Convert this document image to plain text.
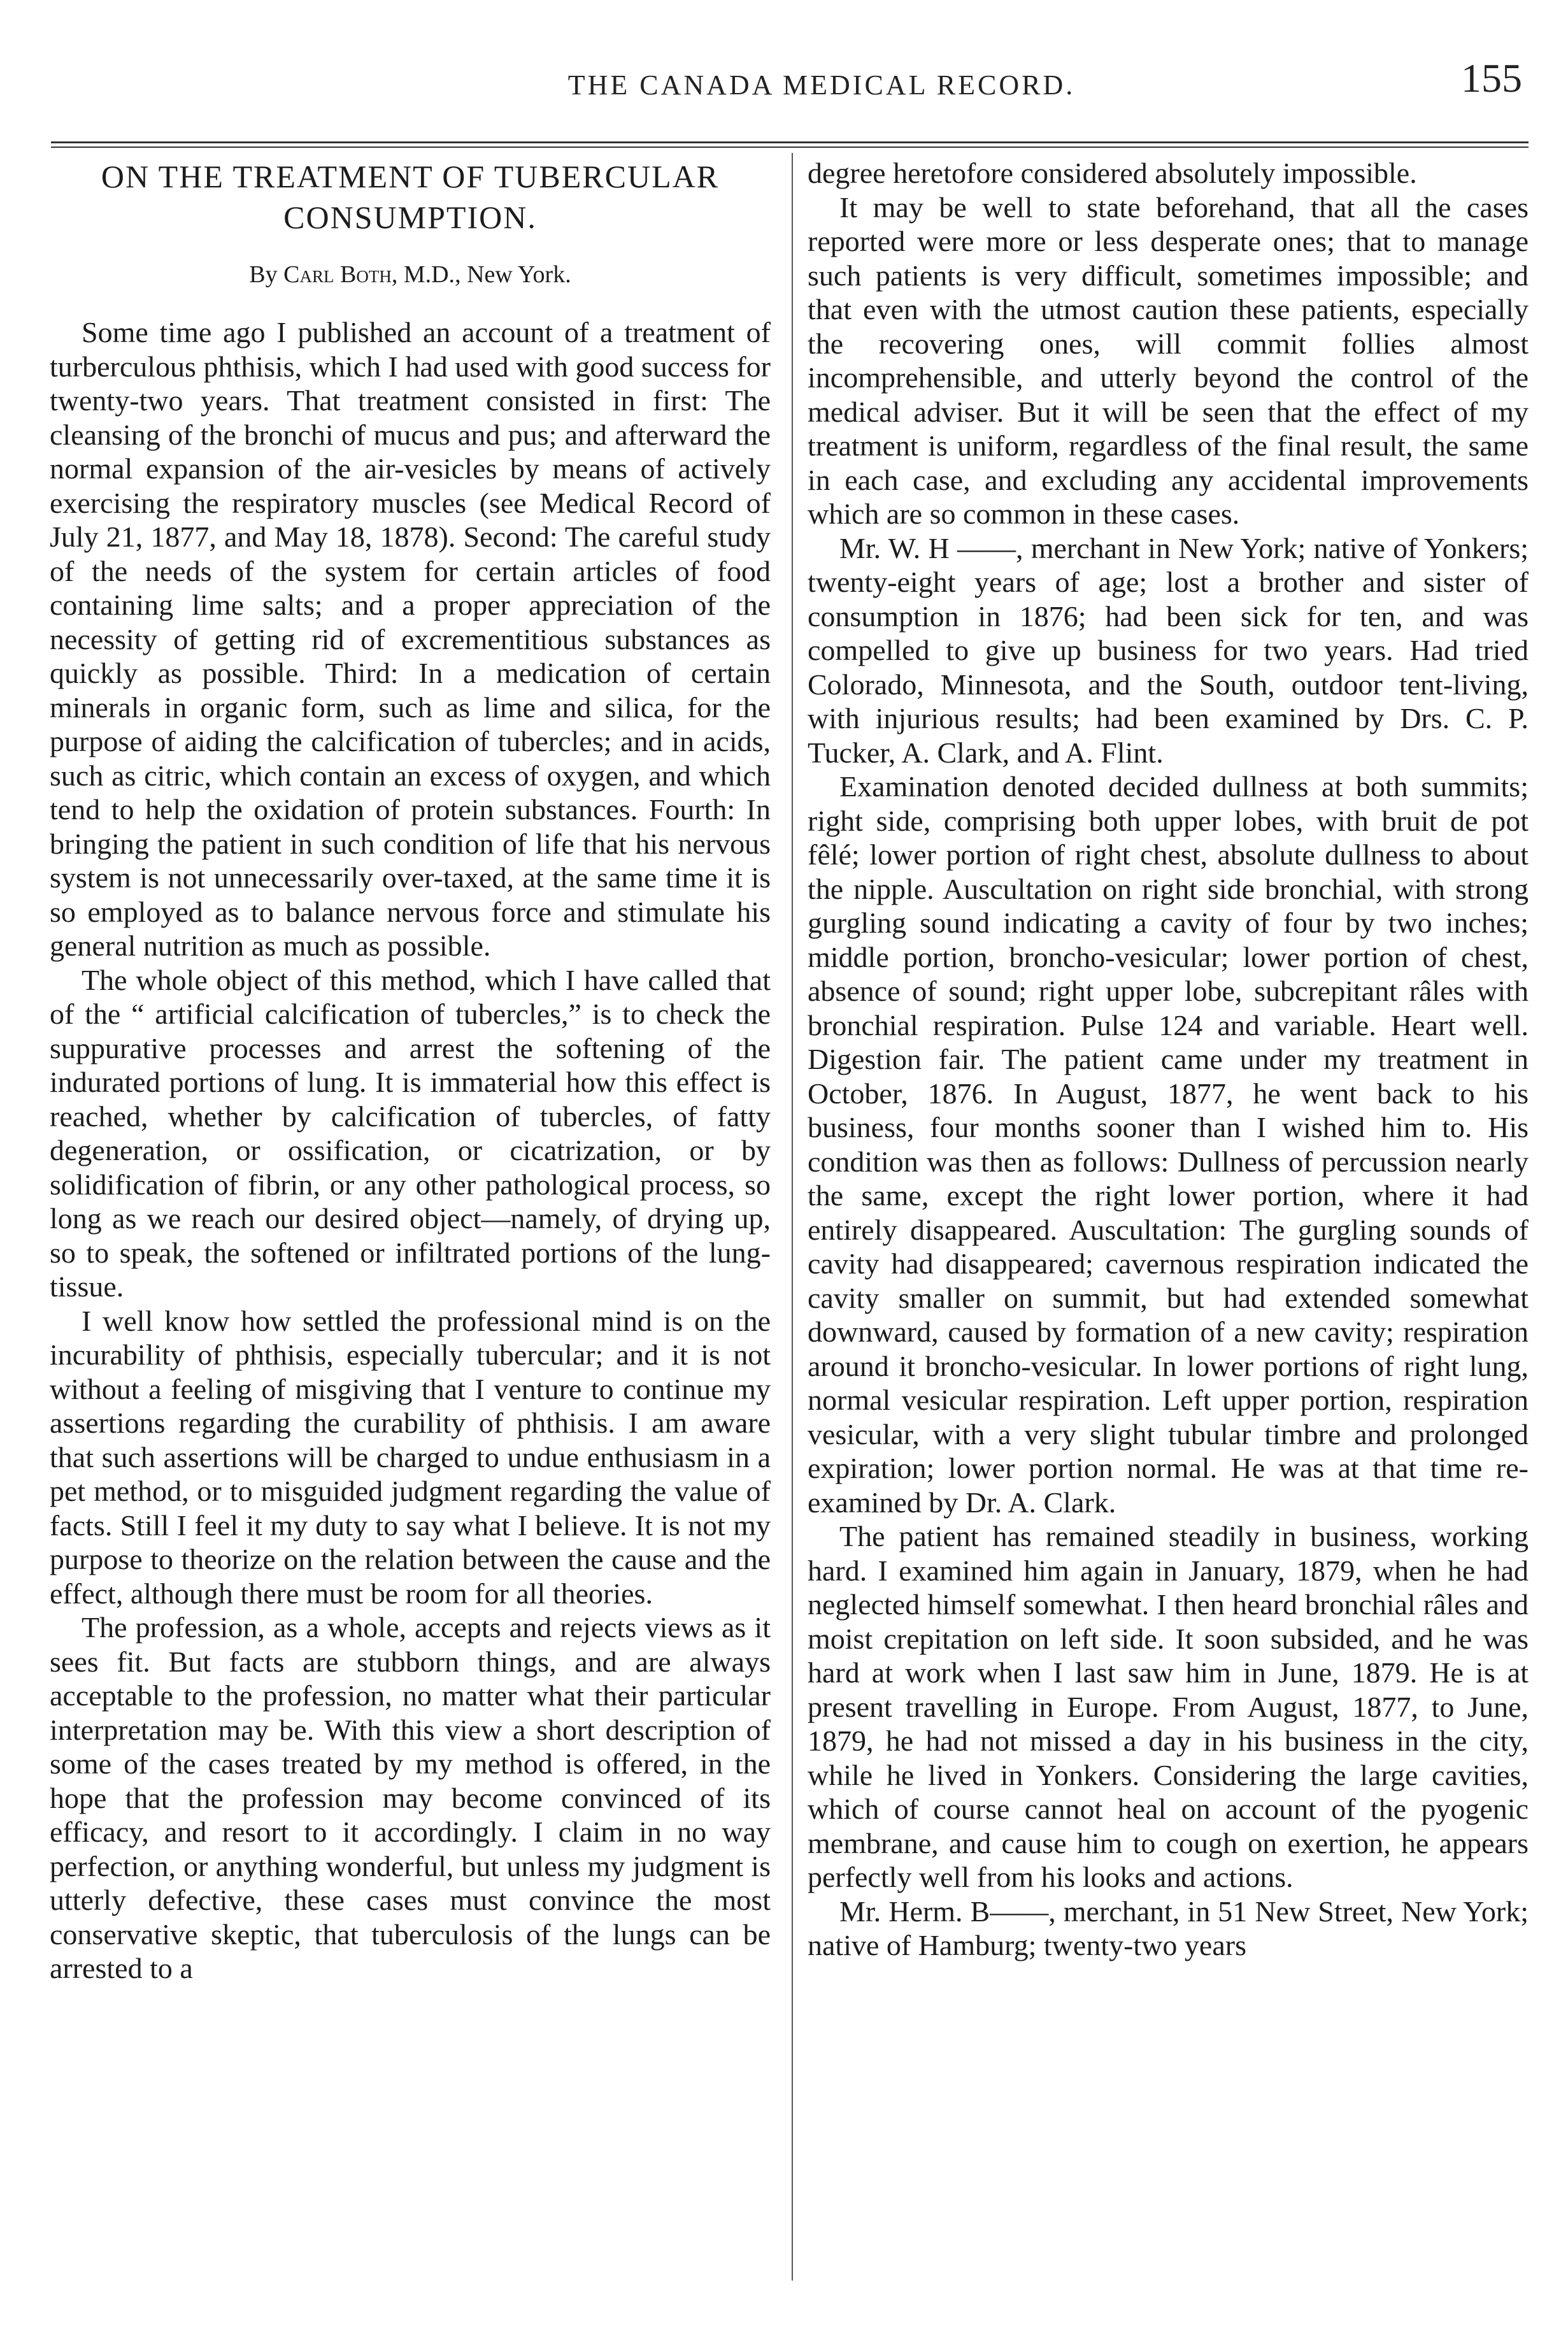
THE CANADA MEDICAL RECORD.	155
ON THE TREATMENT OF TUBERCULAR CONSUMPTION.
By Carl Both, M.D., New York.

Some time ago I published an account of a treatment of turberculous phthisis, which I had used with good success for twenty-two years. That treatment consisted in first: The cleansing of the bronchi of mucus and pus; and afterward the normal expansion of the air-vesicles by means of actively exercising the respiratory muscles (see Medical Record of July 21, 1877, and May 18, 1878). Second: The careful study of the needs of the system for certain articles of food containing lime salts; and a proper appreciation of the necessity of getting rid of excrementitious substances as quickly as possible. Third: In a medication of certain minerals in organic form, such as lime and silica, for the purpose of aiding the calcification of tubercles; and in acids, such as citric, which contain an excess of oxygen, and which tend to help the oxidation of protein substances. Fourth: In bringing the patient in such condition of life that his nervous system is not unnecessarily over-taxed, at the same time it is so employed as to balance nervous force and stimulate his general nutrition as much as possible.

The whole object of this method, which I have called that of the “ artificial calcification of tubercles,” is to check the suppurative processes and arrest the softening of the indurated portions of lung. It is immaterial how this effect is reached, whether by calcification of tubercles, of fatty degeneration, or ossification, or cicatrization, or by solidification of fibrin, or any other pathological process, so long as we reach our desired object—namely, of drying up, so to speak, the softened or infiltrated portions of the lung-tissue.

I well know how settled the professional mind is on the incurability of phthisis, especially tubercular; and it is not without a feeling of misgiving that I venture to continue my assertions regarding the curability of phthisis. I am aware that such assertions will be charged to undue enthusiasm in a pet method, or to misguided judgment regarding the value of facts. Still I feel it my duty to say what I believe. It is not my purpose to theorize on the relation between the cause and the effect, although there must be room for all theories.

The profession, as a whole, accepts and rejects views as it sees fit. But facts are stubborn things, and are always acceptable to the profession, no matter what their particular interpretation may be. With this view a short description of some of the cases treated by my method is offered, in the hope that the profession may become convinced of its efficacy, and resort to it accordingly. I claim in no way perfection, or anything wonderful, but unless my judgment is utterly defective, these cases must convince the most conservative skeptic, that tuberculosis of the lungs can be arrested to a

degree heretofore considered absolutely impossible.

It may be well to state beforehand, that all the cases reported were more or less desperate ones; that to manage such patients is very difficult, sometimes impossible; and that even with the utmost caution these patients, especially the recovering ones, will commit follies almost incomprehensible, and utterly beyond the control of the medical adviser. But it will be seen that the effect of my treatment is uniform, regardless of the final result, the same in each case, and excluding any accidental improvements which are so common in these cases.

Mr. W. H ——, merchant in New York; native of Yonkers; twenty-eight years of age; lost a brother and sister of consumption in 1876; had been sick for ten, and was compelled to give up business for two years. Had tried Colorado, Minnesota, and the South, outdoor tent-living, with injurious results; had been examined by Drs. C. P. Tucker, A. Clark, and A. Flint.

Examination denoted decided dullness at both summits; right side, comprising both upper lobes, with bruit de pot fêlé; lower portion of right chest, absolute dullness to about the nipple. Auscultation on right side bronchial, with strong gurgling sound indicating a cavity of four by two inches; middle portion, broncho-vesicular; lower portion of chest, absence of sound; right upper lobe, subcrepitant râles with bronchial respiration. Pulse 124 and variable. Heart well. Digestion fair. The patient came under my treatment in October, 1876. In August, 1877, he went back to his business, four months sooner than I wished him to. His condition was then as follows: Dullness of percussion nearly the same, except the right lower portion, where it had entirely disappeared. Auscultation: The gurgling sounds of cavity had disappeared; cavernous respiration indicated the cavity smaller on summit, but had extended somewhat downward, caused by formation of a new cavity; respiration around it broncho-vesicular. In lower portions of right lung, normal vesicular respiration. Left upper portion, respiration vesicular, with a very slight tubular timbre and prolonged expiration; lower portion normal. He was at that time re-examined by Dr. A. Clark.

The patient has remained steadily in business, working hard. I examined him again in January, 1879, when he had neglected himself somewhat. I then heard bronchial râles and moist crepitation on left side. It soon subsided, and he was hard at work when I last saw him in June, 1879. He is at present travelling in Europe. From August, 1877, to June, 1879, he had not missed a day in his business in the city, while he lived in Yonkers. Considering the large cavities, which of course cannot heal on account of the pyogenic membrane, and cause him to cough on exertion, he appears perfectly well from his looks and actions.

Mr. Herm. B——, merchant, in 51 New Street, New York; native of Hamburg; twenty-two years
